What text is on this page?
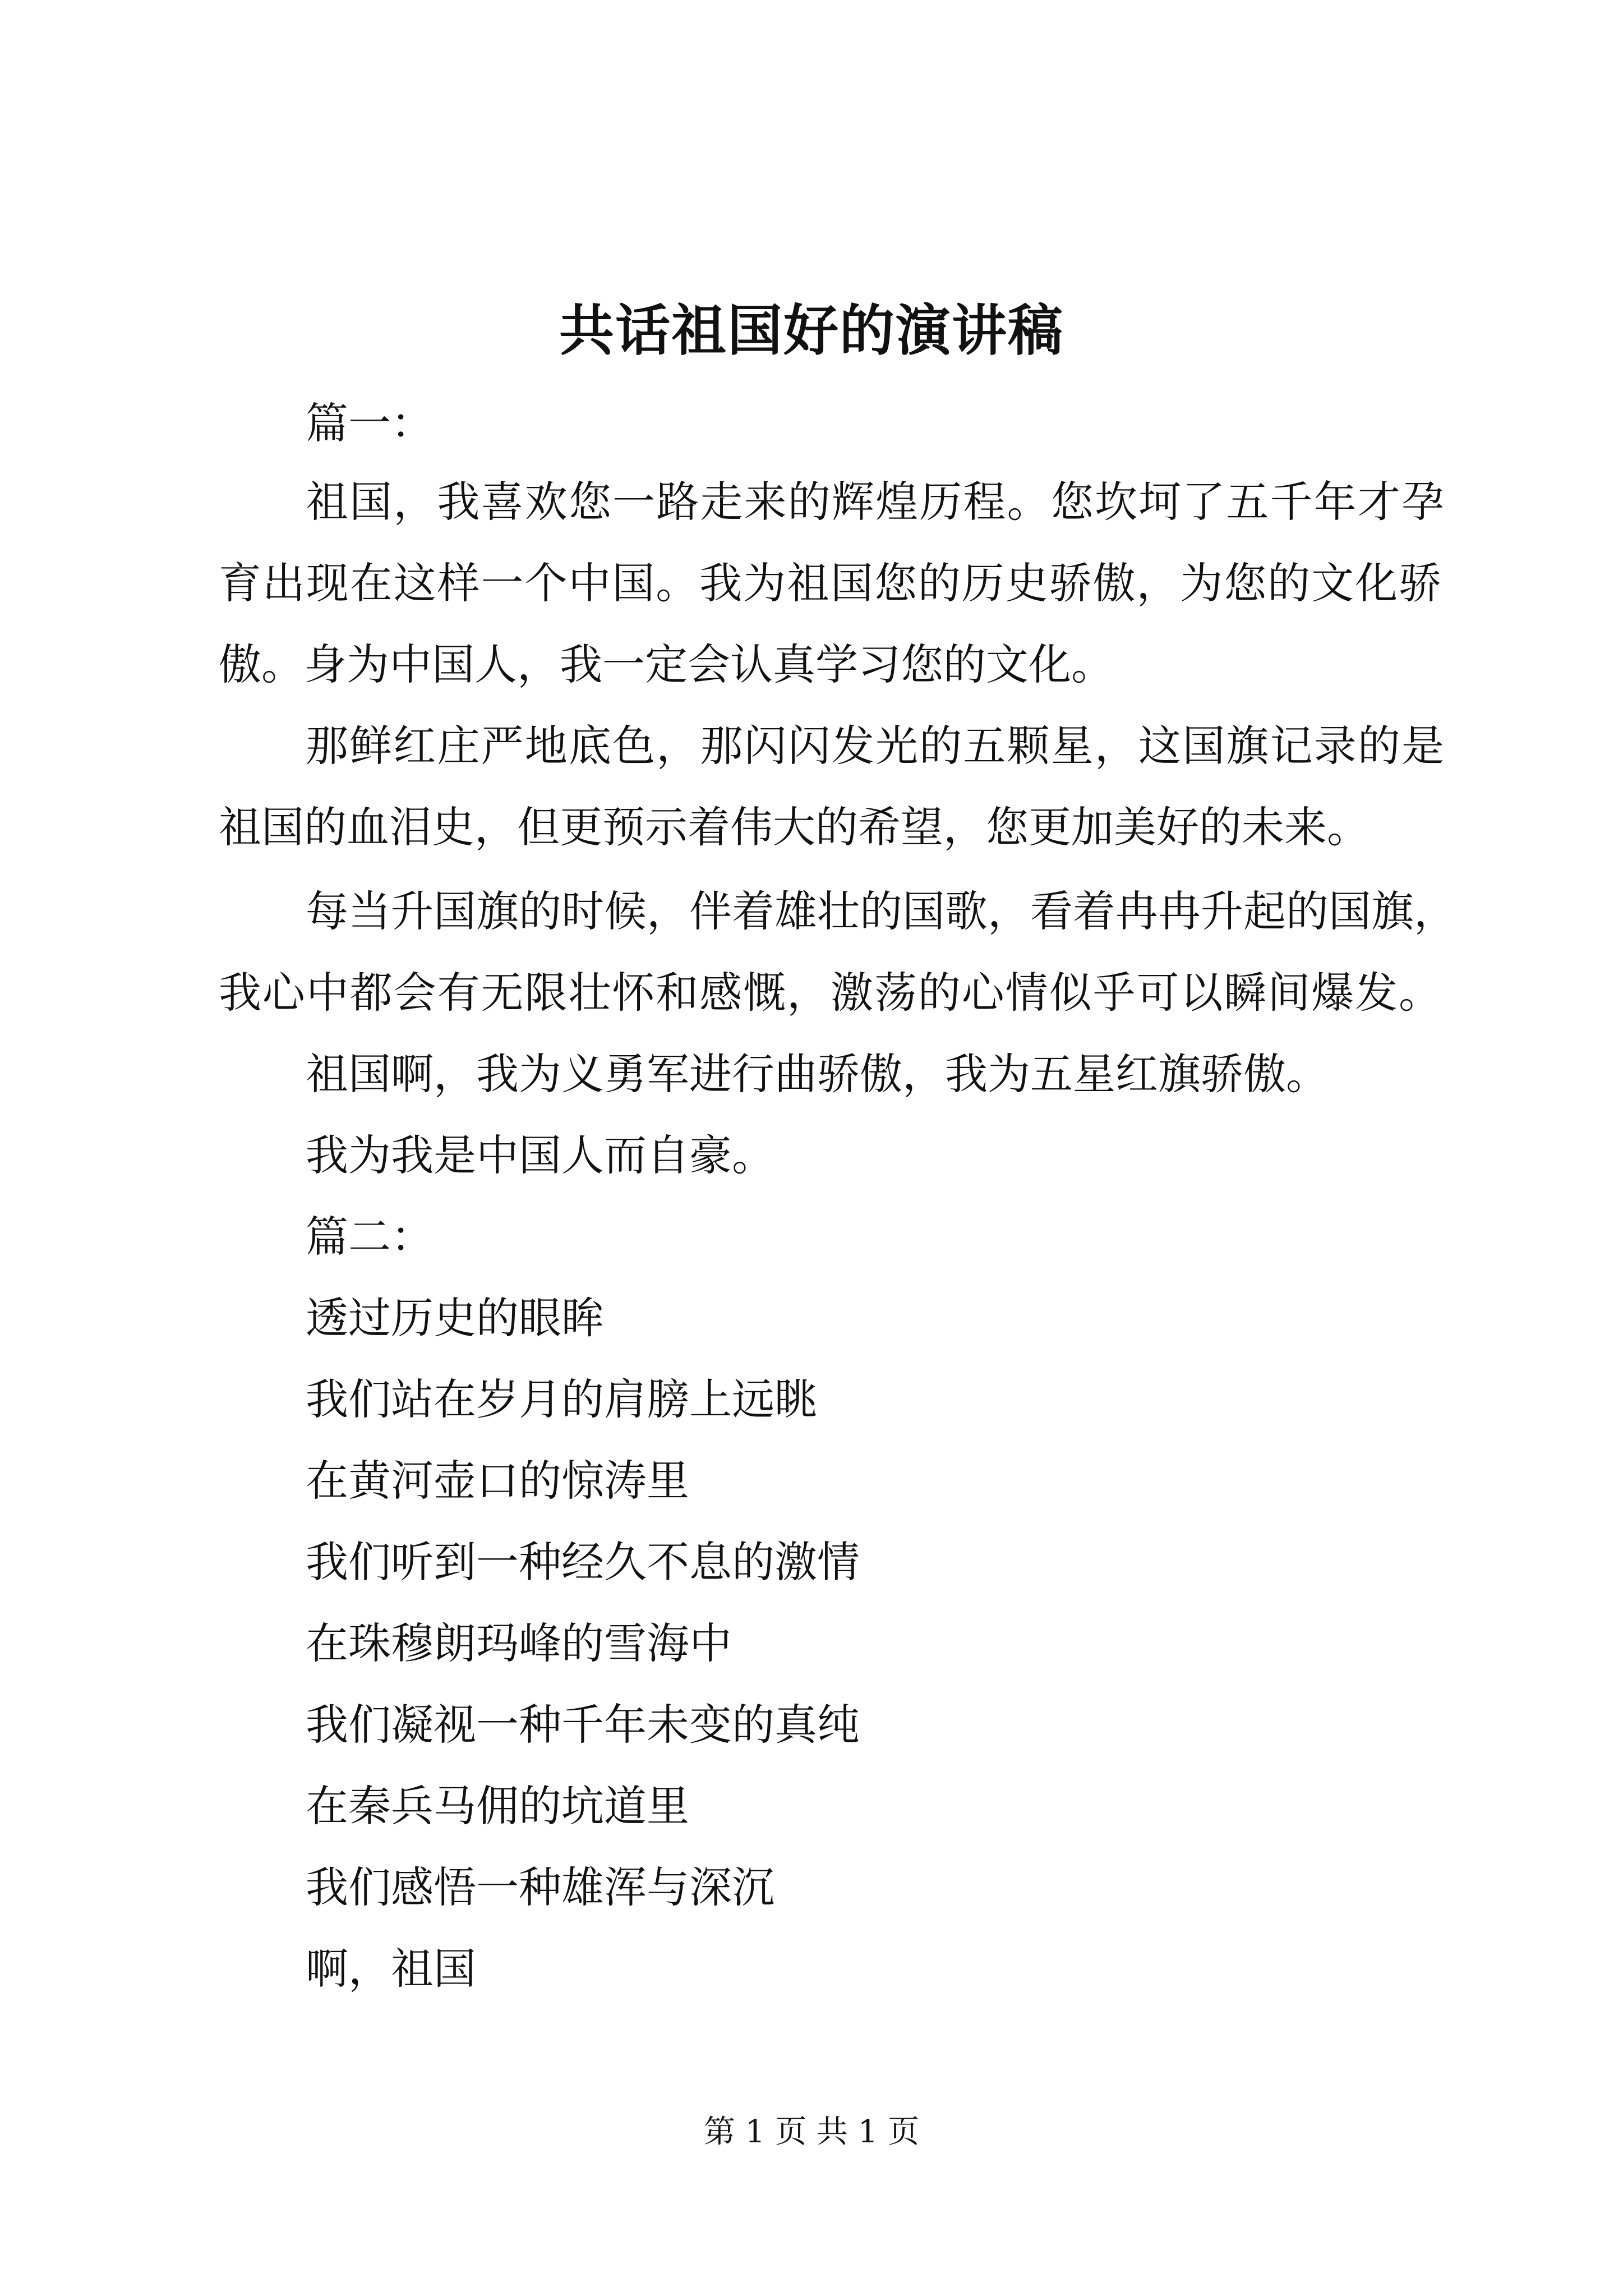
共话祖国好的演讲稿

篇一：

祖国，我喜欢您一路走来的辉煌历程。您坎坷了五千年才孕

育出现在这样一个中国。我为祖国您的历史骄傲，为您的文化骄

傲。身为中国人，我一定会认真学习您的文化。

那鲜红庄严地底色，那闪闪发光的五颗星，这国旗记录的是

祖国的血泪史，但更预示着伟大的希望，您更加美好的未来。

每当升国旗的时候，伴着雄壮的国歌，看着冉冉升起的国旗，

我心中都会有无限壮怀和感慨，激荡的心情似乎可以瞬间爆发。

祖国啊，我为义勇军进行曲骄傲，我为五星红旗骄傲。

我为我是中国人而自豪。

篇二：

透过历史的眼眸

我们站在岁月的肩膀上远眺

在黄河壶口的惊涛里

我们听到一种经久不息的激情

在珠穆朗玛峰的雪海中

我们凝视一种千年未变的真纯

在秦兵马佣的坑道里

我们感悟一种雄浑与深沉

啊，祖国

第 1 页 共 1 页
